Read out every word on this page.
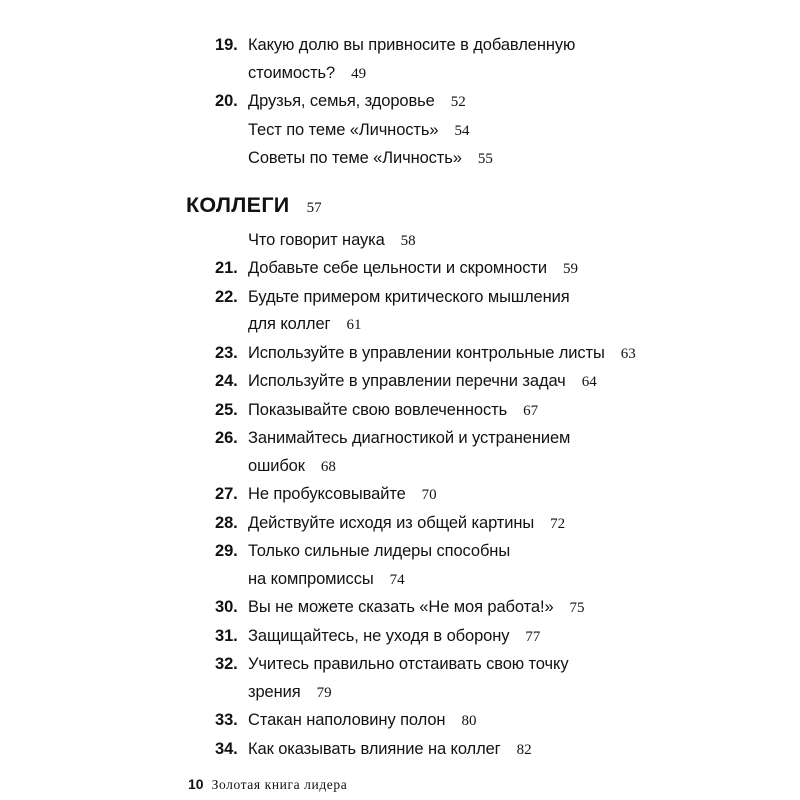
19. Какую долю вы привносите в добавленную
стоимость? 49
20. Друзья, семья, здоровье 52
Тест по теме «Личность» 54
Советы по теме «Личность» 55
КОЛЛЕГИ 57
Что говорит наука 58
21. Добавьте себе цельности и скромности 59
22. Будьте примером критического мышления
для коллег 61
23. Используйте в управлении контрольные листы 63
24. Используйте в управлении перечни задач 64
25. Показывайте свою вовлеченность 67
26. Занимайтесь диагностикой и устранением
ошибок 68
27. Не пробуксовывайте 70
28. Действуйте исходя из общей картины 72
29. Только сильные лидеры способны
на компромиссы 74
30. Вы не можете сказать «Не моя работа!» 75
31. Защищайтесь, не уходя в оборону 77
32. Учитесь правильно отстаивать свою точку
зрения 79
33. Стакан наполовину полон 80
34. Как оказывать влияние на коллег 82
10 Золотая книга лидера
